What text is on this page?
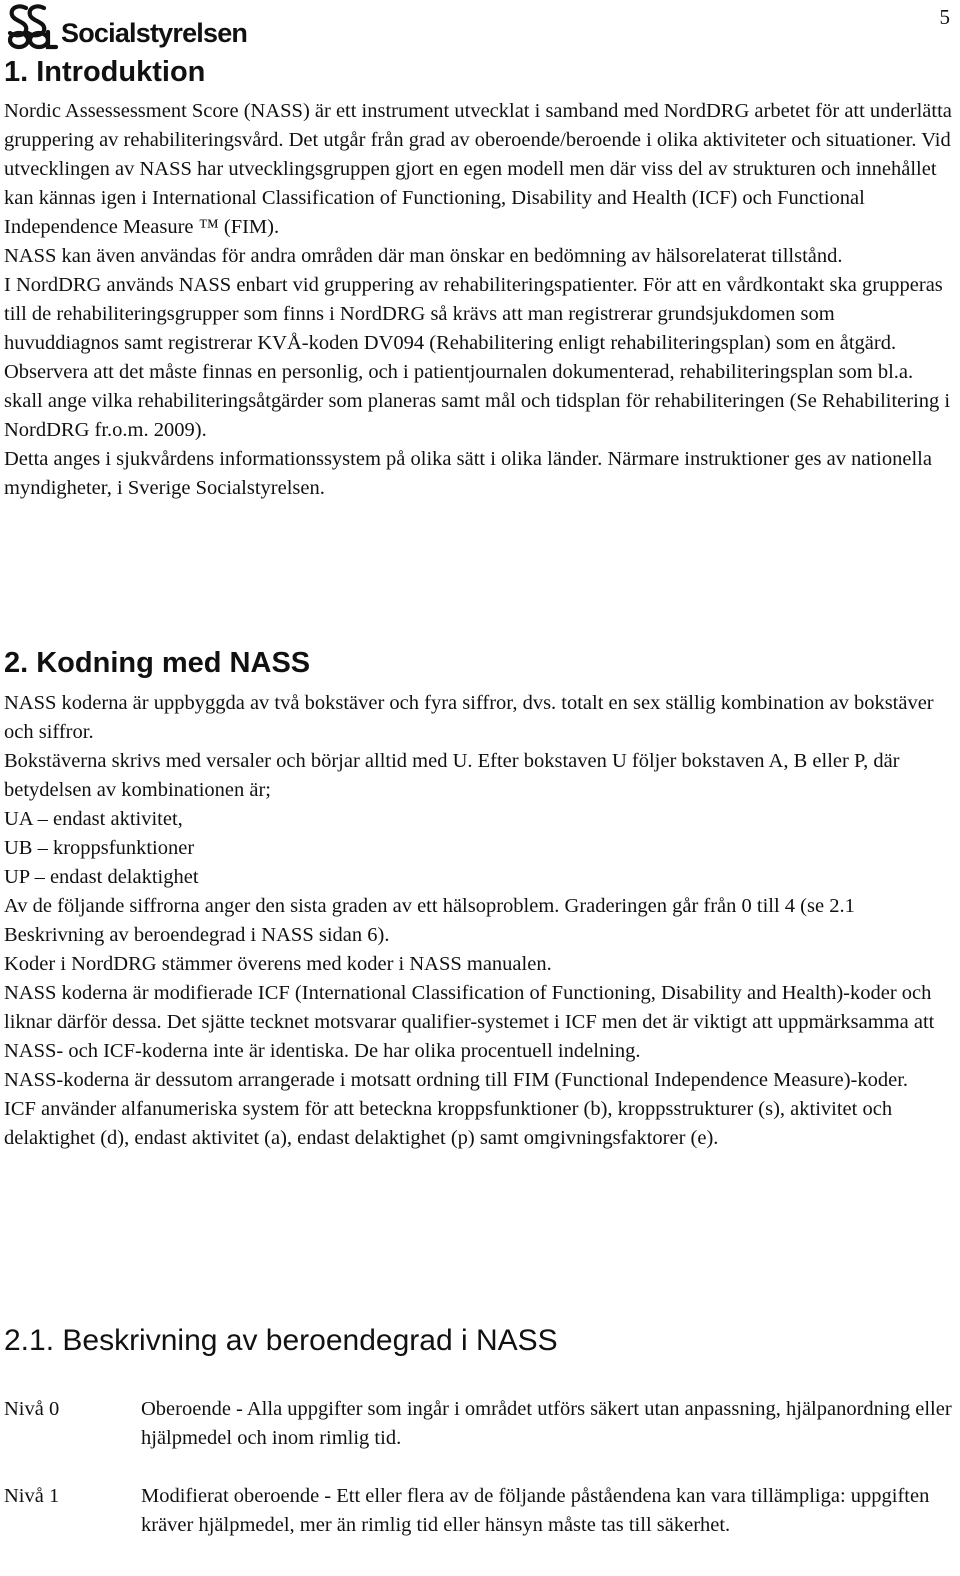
Socialstyrelsen
5
1. Introduktion

Nordic Assessessment Score (NASS) är ett instrument utvecklat i samband med NordDRG arbetet för att underlätta gruppering av rehabiliteringsvård. Det utgår från grad av oberoende/beroende i olika aktiviteter och situationer. Vid utvecklingen av NASS har utvecklingsgruppen gjort en egen modell men där viss del av strukturen och innehållet kan kännas igen i International Classification of Functioning, Disability and Health (ICF) och Functional Independence Measure ™ (FIM).

NASS kan även användas för andra områden där man önskar en bedömning av hälsorelaterat tillstånd.

I NordDRG används NASS enbart vid gruppering av rehabiliteringspatienter. För att en vårdkontakt ska grupperas till de rehabiliteringsgrupper som finns i NordDRG så krävs att man registrerar grundsjukdomen som huvuddiagnos samt registrerar KVÅ-koden DV094 (Rehabilitering enligt rehabiliteringsplan) som en åtgärd. Observera att det måste finnas en personlig, och i patientjournalen dokumenterad, rehabiliteringsplan som bl.a. skall ange vilka rehabiliteringsåtgärder som planeras samt mål och tidsplan för rehabiliteringen (Se Rehabilitering i NordDRG fr.o.m. 2009).

Detta anges i sjukvårdens informationssystem på olika sätt i olika länder. Närmare instruktioner ges av nationella myndigheter, i Sverige Socialstyrelsen.

2. Kodning med NASS

NASS koderna är uppbyggda av två bokstäver och fyra siffror, dvs. totalt en sex ställig kombination av bokstäver och siffror.

Bokstäverna skrivs med versaler och börjar alltid med U. Efter bokstaven U följer bokstaven A, B eller P, där betydelsen av kombinationen är;

UA – endast aktivitet,

UB – kroppsfunktioner

UP – endast delaktighet

Av de följande siffrorna anger den sista graden av ett hälsoproblem. Graderingen går från 0 till 4 (se 2.1 Beskrivning av beroendegrad i NASS sidan 6).

Koder i NordDRG stämmer överens med koder i NASS manualen.

NASS koderna är modifierade ICF (International Classification of Functioning, Disability and Health)-koder och liknar därför dessa. Det sjätte tecknet motsvarar qualifier-systemet i ICF men det är viktigt att uppmärksamma att NASS- och ICF-koderna inte är identiska. De har olika procentuell indelning.

NASS-koderna är dessutom arrangerade i motsatt ordning till FIM (Functional Independence Measure)-koder.

ICF använder alfanumeriska system för att beteckna kroppsfunktioner (b), kroppsstrukturer (s), aktivitet och delaktighet (d), endast aktivitet (a), endast delaktighet (p) samt omgivningsfaktorer (e).

2.1. Beskrivning av beroendegrad i NASS
Nivå 0	Oberoende - Alla uppgifter som ingår i området utförs säkert utan anpassning, hjälpanordning eller hjälpmedel och inom rimlig tid.
Nivå 1	Modifierat oberoende - Ett eller flera av de följande påståendena kan vara tillämpliga: uppgiften kräver hjälpmedel, mer än rimlig tid eller hänsyn måste tas till säkerhet.
